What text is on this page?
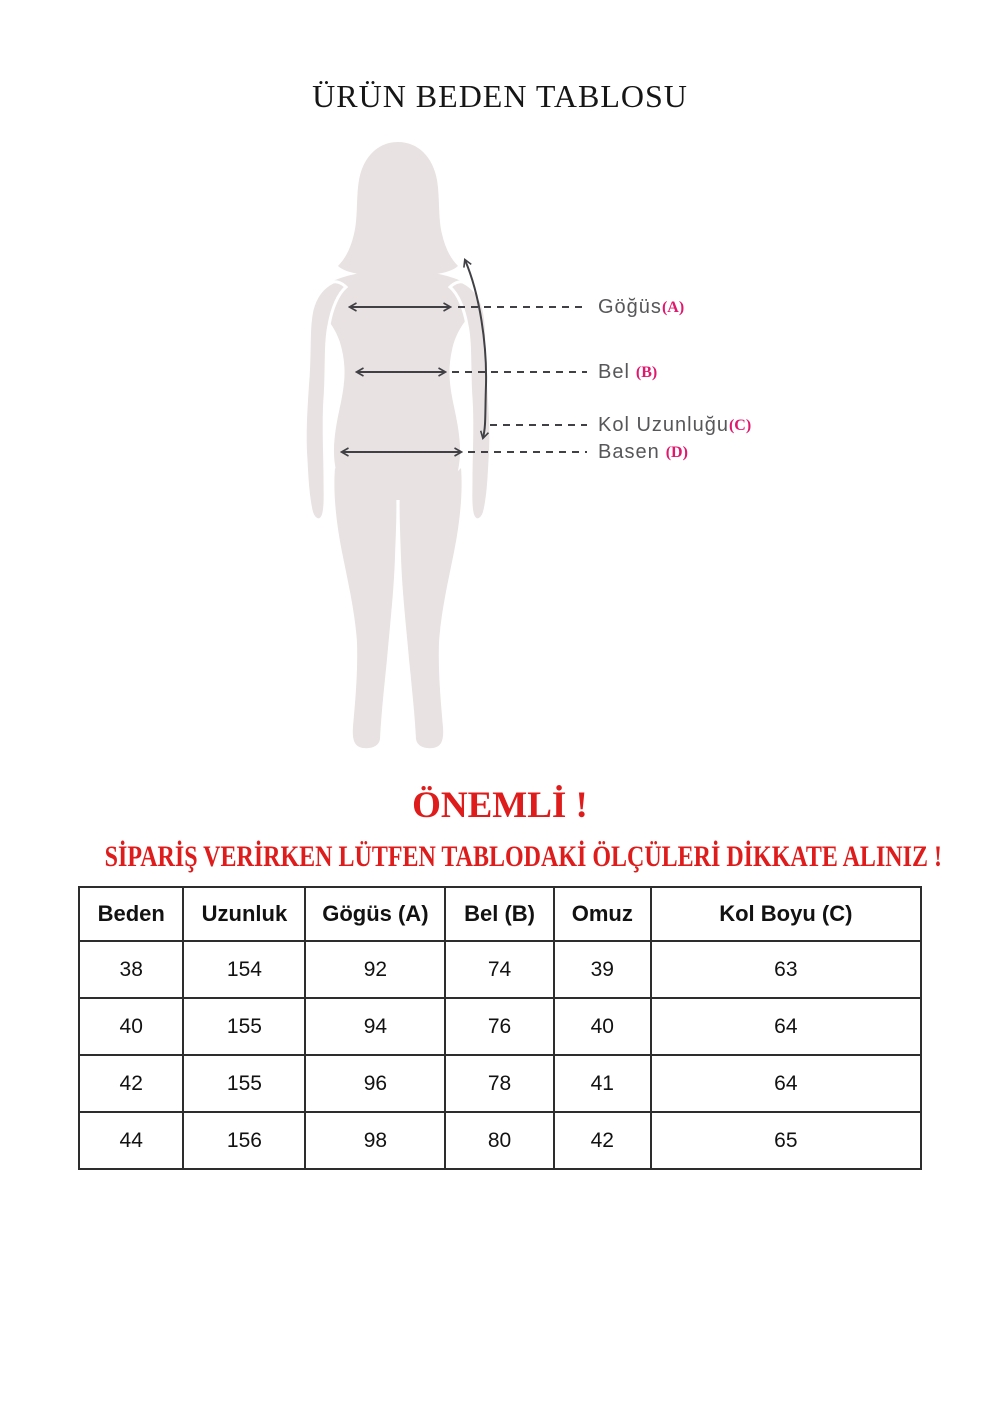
ÜRÜN BEDEN TABLOSU
Göğüs(A)
Bel (B)
Kol Uzunluğu(C)
Basen (D)
ÖNEMLİ !
SİPARİŞ VERİRKEN LÜTFEN TABLODAKİ ÖLÇÜLERİ DİKKATE ALINIZ !
Beden	Uzunluk	Gögüs (A)	Bel (B)	Omuz	Kol Boyu (C)
38	154	92	74	39	63
40	155	94	76	40	64
42	155	96	78	41	64
44	156	98	80	42	65
